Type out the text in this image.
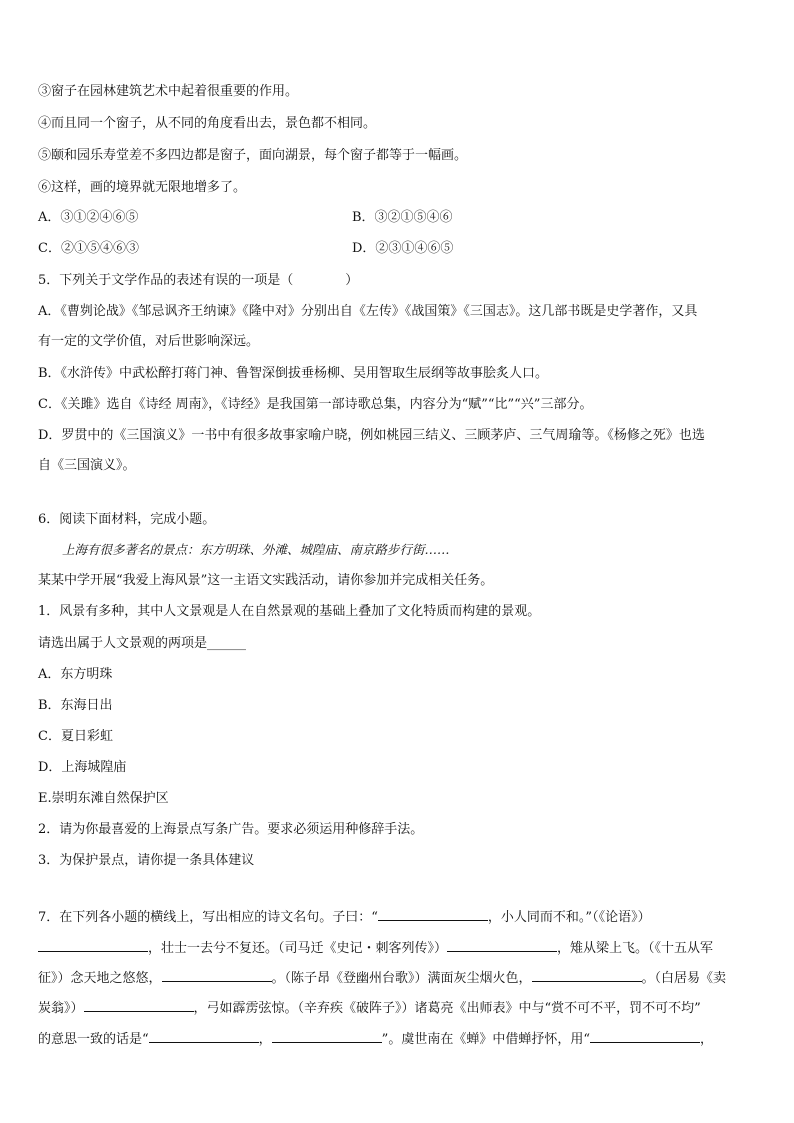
③窗子在园林建筑艺术中起着很重要的作用。
④而且同一个窗子，从不同的角度看出去，景色都不相同。
⑤颐和园乐寿堂差不多四边都是窗子，面向湖景，每个窗子都等于一幅画。
⑥这样，画的境界就无限地增多了。
A．③①②④⑥⑤	B．③②①⑤④⑥
C．②①⑤④⑥③	D．②③①④⑥⑤
5．下列关于文学作品的表述有误的一项是（　　　　）
A．《曹刿论战》《邹忌讽齐王纳谏》《隆中对》分别出自《左传》《战国策》《三国志》。这几部书既是史学著作，又具
有一定的文学价值，对后世影响深远。
B．《水浒传》中武松醉打蒋门神、鲁智深倒拔垂杨柳、吴用智取生辰纲等故事脍炙人口。
C．《关雎》选自《诗经 周南》，《诗经》是我国第一部诗歌总集，内容分为“赋”“比”“兴”三部分。
D．罗贯中的《三国演义》一书中有很多故事家喻户晓，例如桃园三结义、三顾茅庐、三气周瑜等。《杨修之死》也选
自《三国演义》。
6．阅读下面材料，完成小题。
上海有很多著名的景点：东方明珠、外滩、城隍庙、南京路步行街……
某某中学开展“我爱上海风景”这一主语文实践活动，请你参加并完成相关任务。
1．风景有多种，其中人文景观是人在自然景观的基础上叠加了文化特质而构建的景观。
请选出属于人文景观的两项是______
A．东方明珠
B．东海日出
C．夏日彩虹
D．上海城隍庙
E.崇明东滩自然保护区
2．请为你最喜爱的上海景点写条广告。要求必须运用种修辞手法。
3．为保护景点，请你提一条具体建议
7．在下列各小题的横线上，写出相应的诗文名句。子曰：“	，小人同而不和。”（《论语》）
，壮士一去兮不复还。（司马迁《史记・刺客列传》）	，雉从梁上飞。（《十五从军
征》）念天地之悠悠，	。（陈子昂《登幽州台歌》）满面灰尘烟火色，	。（白居易《卖
炭翁》）	，弓如霹雳弦惊。（辛弃疾《破阵子》）诸葛亮《出师表》中与“赏不可不平，罚不可不均”
的意思一致的话是“	，	”。虞世南在《蝉》中借蝉抒怀，用“	，
